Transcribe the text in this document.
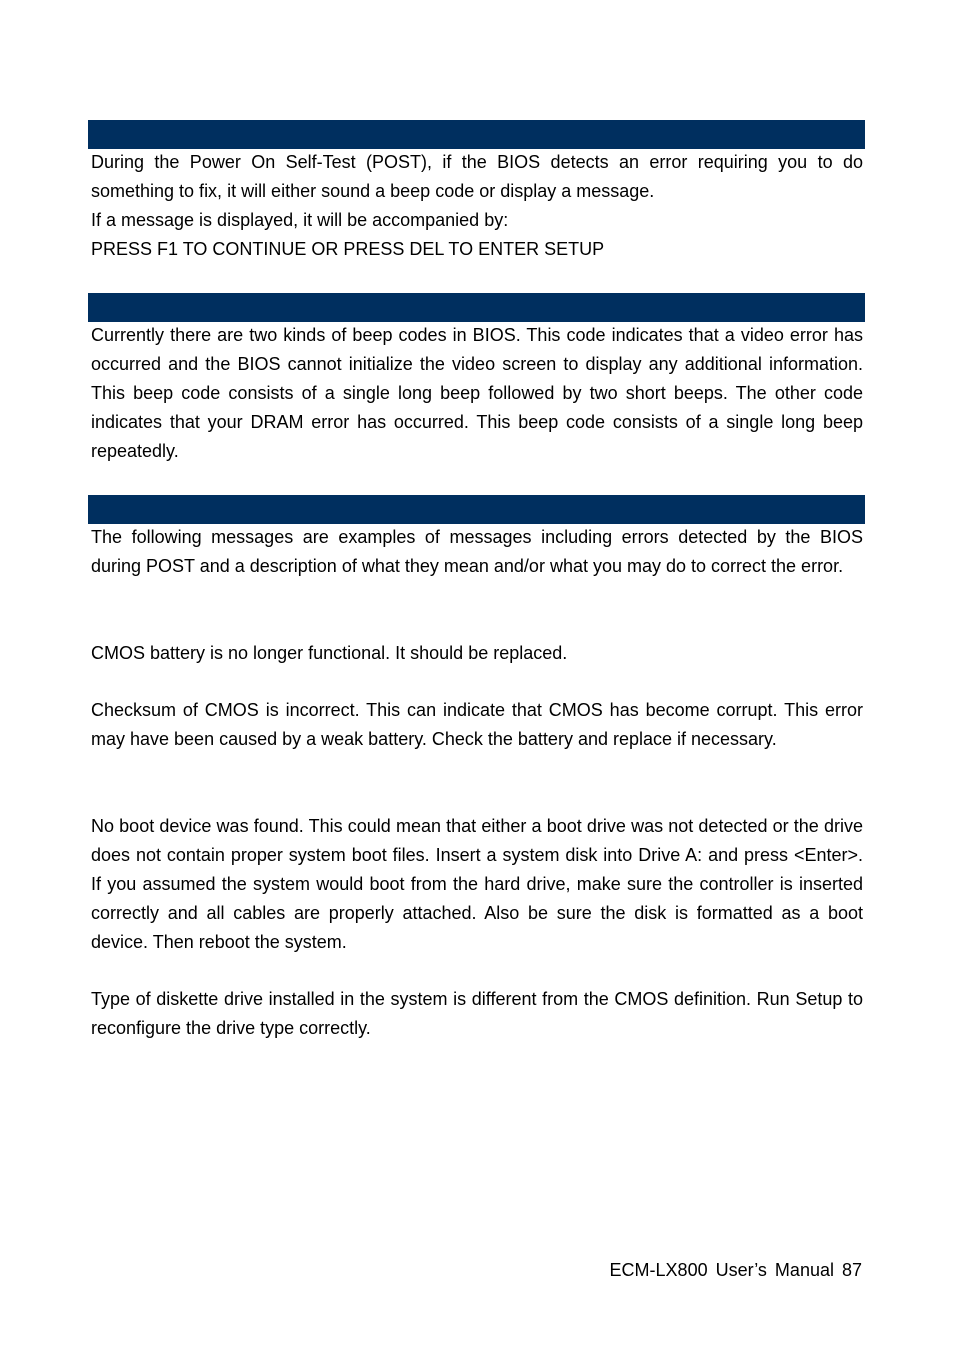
During the Power On Self-Test (POST), if the BIOS detects an error requiring you to do something to fix, it will either sound a beep code or display a message.

If a message is displayed, it will be accompanied by:

PRESS F1 TO CONTINUE OR PRESS DEL TO ENTER SETUP

Currently there are two kinds of beep codes in BIOS. This code indicates that a video error has occurred and the BIOS cannot initialize the video screen to display any additional information. This beep code consists of a single long beep followed by two short beeps. The other code indicates that your DRAM error has occurred. This beep code consists of a single long beep repeatedly.

The following messages are examples of messages including errors detected by the BIOS during POST and a description of what they mean and/or what you may do to correct the error.

CMOS battery is no longer functional. It should be replaced.

Checksum of CMOS is incorrect. This can indicate that CMOS has become corrupt. This error may have been caused by a weak battery. Check the battery and replace if necessary.

No boot device was found. This could mean that either a boot drive was not detected or the drive does not contain proper system boot files. Insert a system disk into Drive A: and press <Enter>. If you assumed the system would boot from the hard drive, make sure the controller is inserted correctly and all cables are properly attached. Also be sure the disk is formatted as a boot device. Then reboot the system.

Type of diskette drive installed in the system is different from the CMOS definition. Run Setup to reconfigure the drive type correctly.

ECM-LX800 User’s Manual 87
